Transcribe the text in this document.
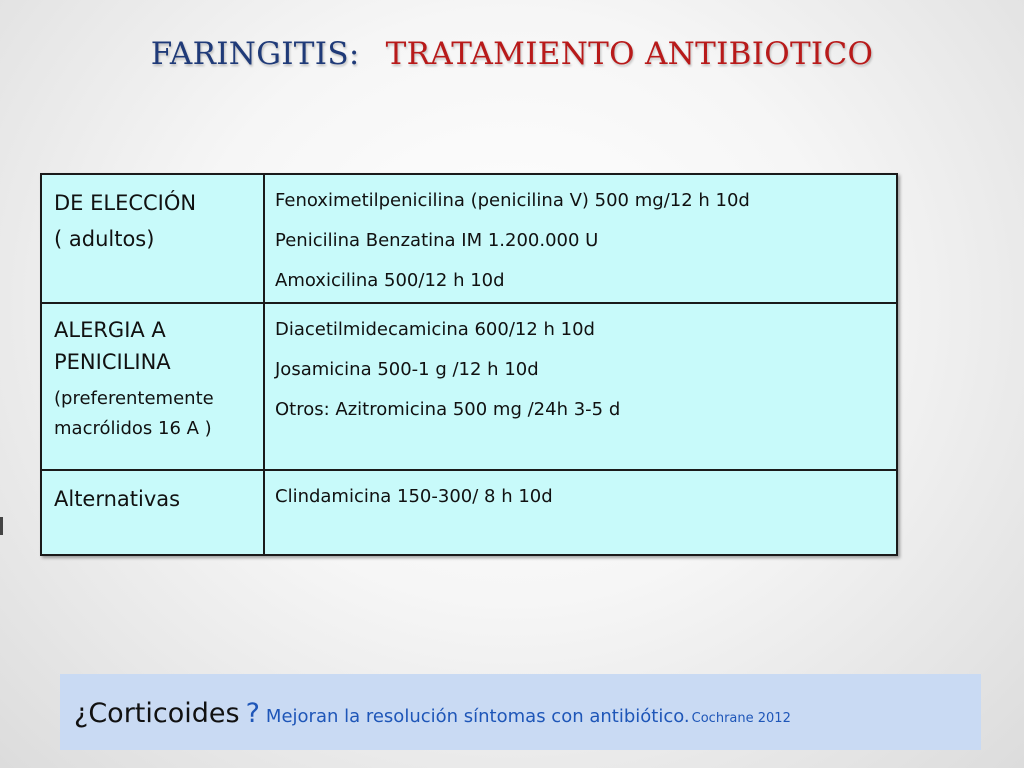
FARINGITIS: TRATAMIENTO ANTIBIOTICO
DE ELECCIÓN
( adultos)
Fenoximetilpenicilina (penicilina V) 500 mg/12 h 10d
Penicilina Benzatina IM 1.200.000 U
Amoxicilina 500/12 h 10d
ALERGIA A
PENICILINA
(preferentemente
macrólidos 16 A )
Diacetilmidecamicina 600/12 h 10d
Josamicina 500-1 g /12 h 10d
Otros: Azitromicina 500 mg /24h 3-5 d
Alternativas	Clindamicina 150-300/ 8 h 10d
¿Corticoides ? Mejoran la resolución síntomas con antibiótico. Cochrane 2012
